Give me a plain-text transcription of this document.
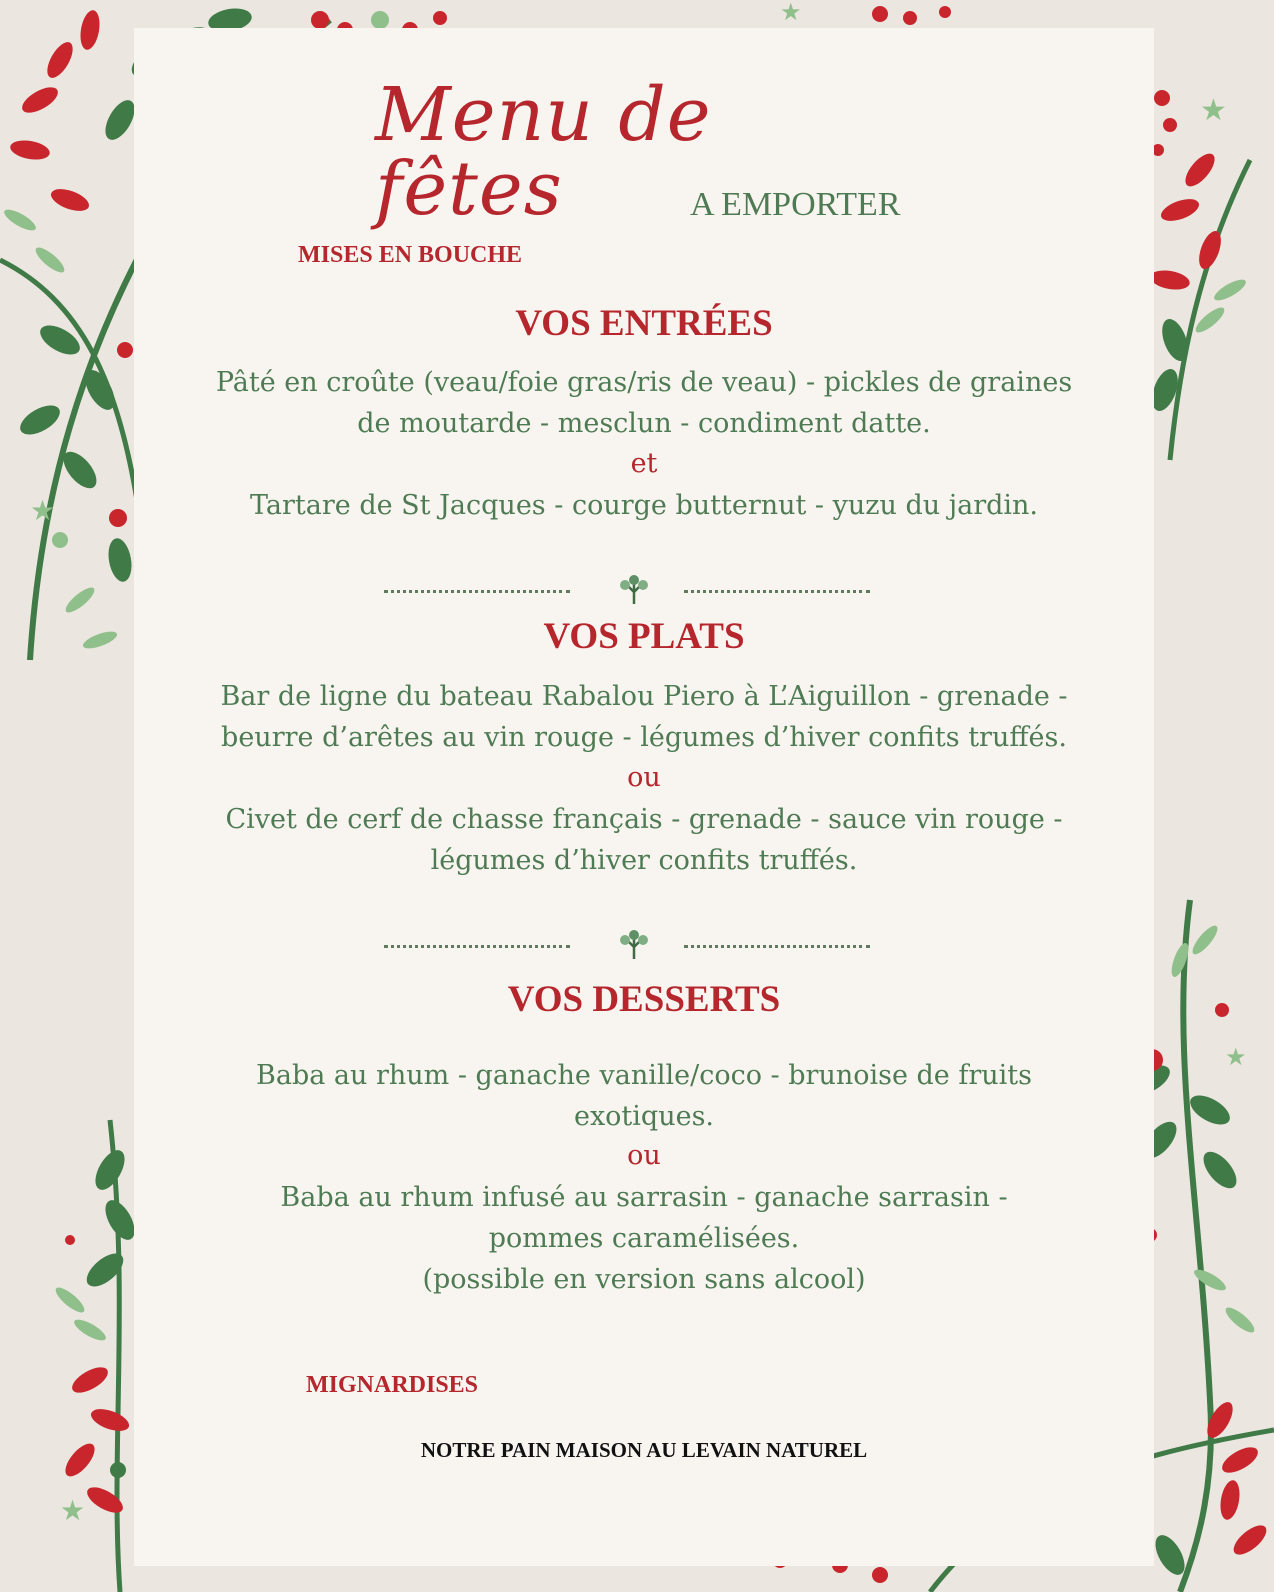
★
★
★
★
★
Menu de fêtes	A EMPORTER
MISES EN BOUCHE
VOS ENTRÉES
Pâté en croûte (veau/foie gras/ris de veau) - pickles de graines
de moutarde - mesclun - condiment datte.
et
Tartare de St Jacques - courge butternut - yuzu du jardin.
VOS PLATS
Bar de ligne du bateau Rabalou Piero à L’Aiguillon - grenade -
beurre d’arêtes au vin rouge - légumes d’hiver confits truffés.
ou
Civet de cerf de chasse français - grenade - sauce vin rouge -
légumes d’hiver confits truffés.
VOS DESSERTS
Baba au rhum - ganache vanille/coco - brunoise de fruits
exotiques.
ou
Baba au rhum infusé au sarrasin - ganache sarrasin -
pommes caramélisées.
(possible en version sans alcool)
MIGNARDISES
NOTRE PAIN MAISON AU LEVAIN NATUREL
